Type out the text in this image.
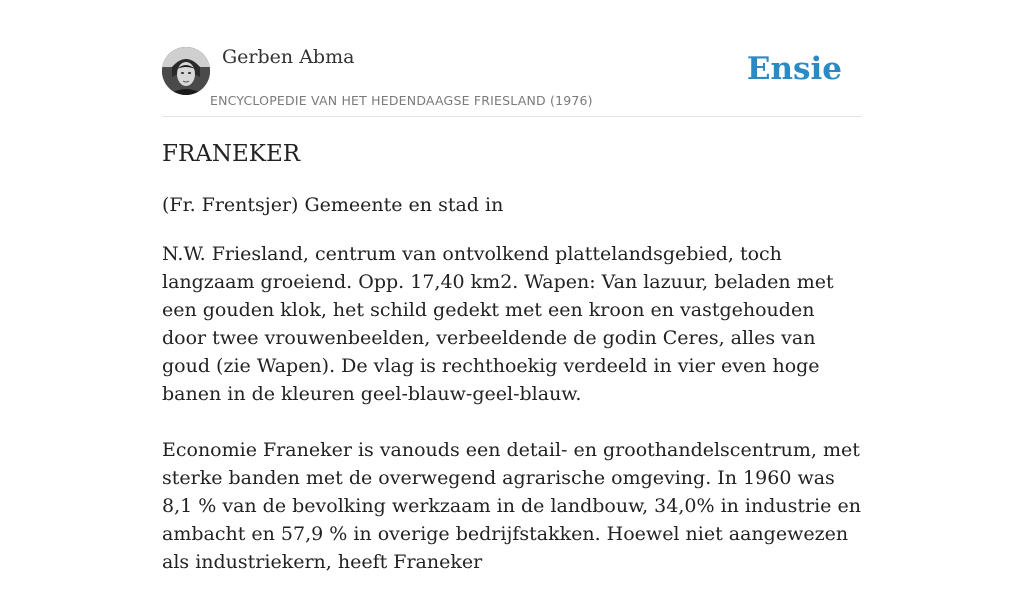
Gerben Abma
ENCYCLOPEDIE VAN HET HEDENDAAGSE FRIESLAND (1976)
Ensie
FRANEKER
(Fr. Frentsjer) Gemeente en stad in

N.W. Friesland, centrum van ontvolkend plattelandsgebied, toch langzaam groeiend. Opp. 17,40 km2. Wapen: Van lazuur, beladen met een gouden klok, het schild gedekt met een kroon en vastgehouden door twee vrouwenbeelden, verbeeldende de godin Ceres, alles van goud (zie Wapen). De vlag is rechthoekig verdeeld in vier even hoge banen in de kleuren geel-blauw-geel-blauw.

Economie Franeker is vanouds een detail- en groothandelscentrum, met sterke banden met de overwegend agrarische omgeving. In 1960 was 8,1 % van de bevolking werkzaam in de landbouw, 34,0% in industrie en ambacht en 57,9 % in overige bedrijfstakken. Hoewel niet aangewezen als industriekern, heeft Franeker
